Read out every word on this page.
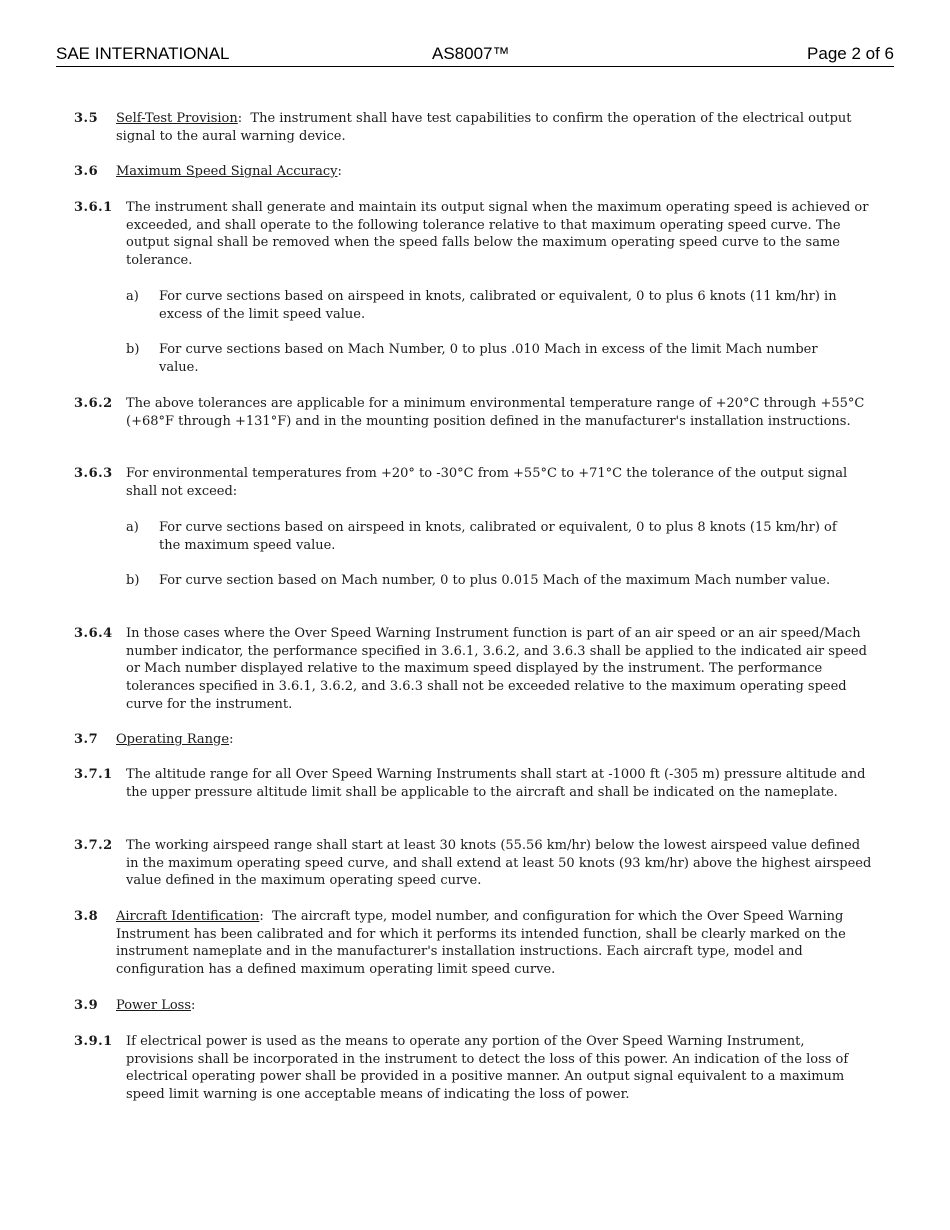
SAE INTERNATIONAL	AS8007™	Page 2 of 6
3.5 Self-Test Provision:  The instrument shall have test capabilities to confirm the operation of the electrical output signal to the aural warning device.
3.6 Maximum Speed Signal Accuracy:
3.6.1 The instrument shall generate and maintain its output signal when the maximum operating speed is achieved or exceeded, and shall operate to the following tolerance relative to that maximum operating speed curve. The output signal shall be removed when the speed falls below the maximum operating speed curve to the same tolerance.
a) For curve sections based on airspeed in knots, calibrated or equivalent, 0 to plus 6 knots (11 km/hr) in excess of the limit speed value.
b) For curve sections based on Mach Number, 0 to plus .010 Mach in excess of the limit Mach number value.
3.6.2 The above tolerances are applicable for a minimum environmental temperature range of +20°C through +55°C (+68°F through +131°F) and in the mounting position defined in the manufacturer's installation instructions.
3.6.3 For environmental temperatures from +20° to -30°C from +55°C to +71°C the tolerance of the output signal shall not exceed:
a) For curve sections based on airspeed in knots, calibrated or equivalent, 0 to plus 8 knots (15 km/hr) of the maximum speed value.
b) For curve section based on Mach number, 0 to plus 0.015 Mach of the maximum Mach number value.
3.6.4 In those cases where the Over Speed Warning Instrument function is part of an air speed or an air speed/Mach number indicator, the performance specified in 3.6.1, 3.6.2, and 3.6.3 shall be applied to the indicated air speed or Mach number displayed relative to the maximum speed displayed by the instrument. The performance tolerances specified in 3.6.1, 3.6.2, and 3.6.3 shall not be exceeded relative to the maximum operating speed curve for the instrument.
3.7 Operating Range:
3.7.1 The altitude range for all Over Speed Warning Instruments shall start at -1000 ft (-305 m) pressure altitude and the upper pressure altitude limit shall be applicable to the aircraft and shall be indicated on the nameplate.
3.7.2 The working airspeed range shall start at least 30 knots (55.56 km/hr) below the lowest airspeed value defined in the maximum operating speed curve, and shall extend at least 50 knots (93 km/hr) above the highest airspeed value defined in the maximum operating speed curve.
3.8 Aircraft Identification:  The aircraft type, model number, and configuration for which the Over Speed Warning Instrument has been calibrated and for which it performs its intended function, shall be clearly marked on the instrument nameplate and in the manufacturer's installation instructions. Each aircraft type, model and configuration has a defined maximum operating limit speed curve.
3.9 Power Loss:
3.9.1 If electrical power is used as the means to operate any portion of the Over Speed Warning Instrument, provisions shall be incorporated in the instrument to detect the loss of this power. An indication of the loss of electrical operating power shall be provided in a positive manner. An output signal equivalent to a maximum speed limit warning is one acceptable means of indicating the loss of power.
